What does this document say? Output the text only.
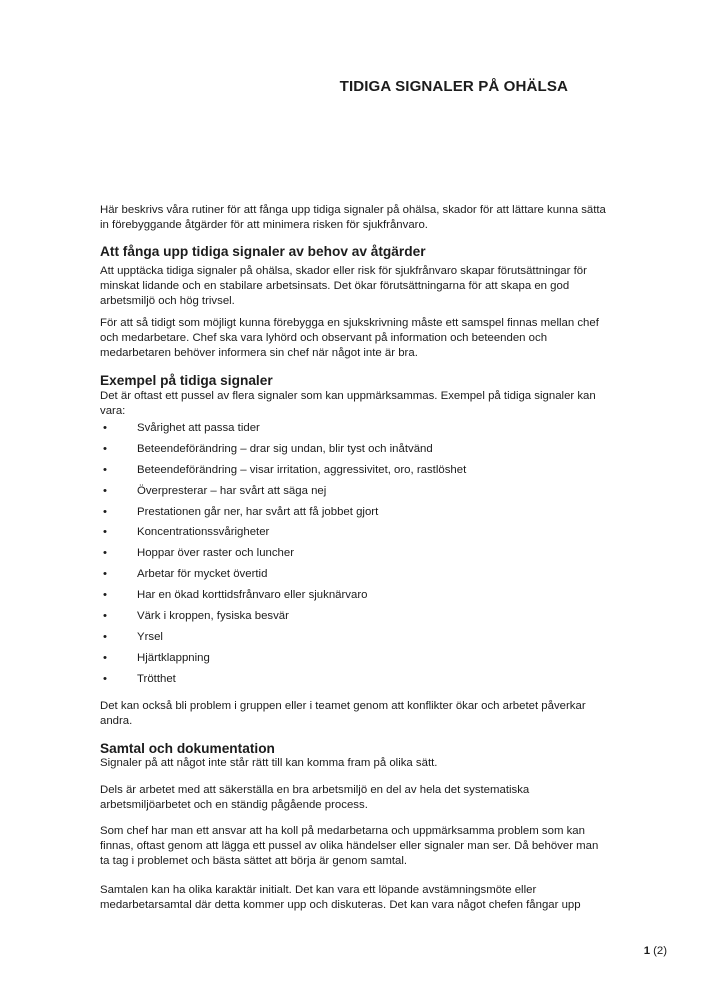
TIDIGA SIGNALER PÅ OHÄLSA

Här beskrivs våra rutiner för att fånga upp tidiga signaler på ohälsa, skador för att lättare kunna sätta in förebyggande åtgärder för att minimera risken för sjukfrånvaro.

Att fånga upp tidiga signaler av behov av åtgärder

Att upptäcka tidiga signaler på ohälsa, skador eller risk för sjukfrånvaro skapar förutsättningar för minskat lidande och en stabilare arbetsinsats. Det ökar förutsättningarna för att skapa en god arbetsmiljö och hög trivsel.

För att så tidigt som möjligt kunna förebygga en sjukskrivning måste ett samspel finnas mellan chef och medarbetare. Chef ska vara lyhörd och observant på information och beteenden och medarbetaren behöver informera sin chef när något inte är bra.

Exempel på tidiga signaler

Det är oftast ett pussel av flera signaler som kan uppmärksammas. Exempel på tidiga signaler kan vara:

•	Svårighet att passa tider
•	Beteendeförändring – drar sig undan, blir tyst och inåtvänd
•	Beteendeförändring – visar irritation, aggressivitet, oro, rastlöshet
•	Överpresterar – har svårt att säga nej
•	Prestationen går ner, har svårt att få jobbet gjort
•	Koncentrationssvårigheter
•	Hoppar över raster och luncher
•	Arbetar för mycket övertid
•	Har en ökad korttidsfrånvaro eller sjuknärvaro
•	Värk i kroppen, fysiska besvär
•	Yrsel
•	Hjärtklappning
•	Trötthet

Det kan också bli problem i gruppen eller i teamet genom att konflikter ökar och arbetet påverkar andra.

Samtal och dokumentation

Signaler på att något inte står rätt till kan komma fram på olika sätt.

Dels är arbetet med att säkerställa en bra arbetsmiljö en del av hela det systematiska arbetsmiljöarbetet och en ständig pågående process.

Som chef har man ett ansvar att ha koll på medarbetarna och uppmärksamma problem som kan finnas, oftast genom att lägga ett pussel av olika händelser eller signaler man ser. Då behöver man ta tag i problemet och bästa sättet att börja är genom samtal.

Samtalen kan ha olika karaktär initialt. Det kan vara ett löpande avstämningsmöte eller medarbetarsamtal där detta kommer upp och diskuteras. Det kan vara något chefen fångar upp

1 (2)
